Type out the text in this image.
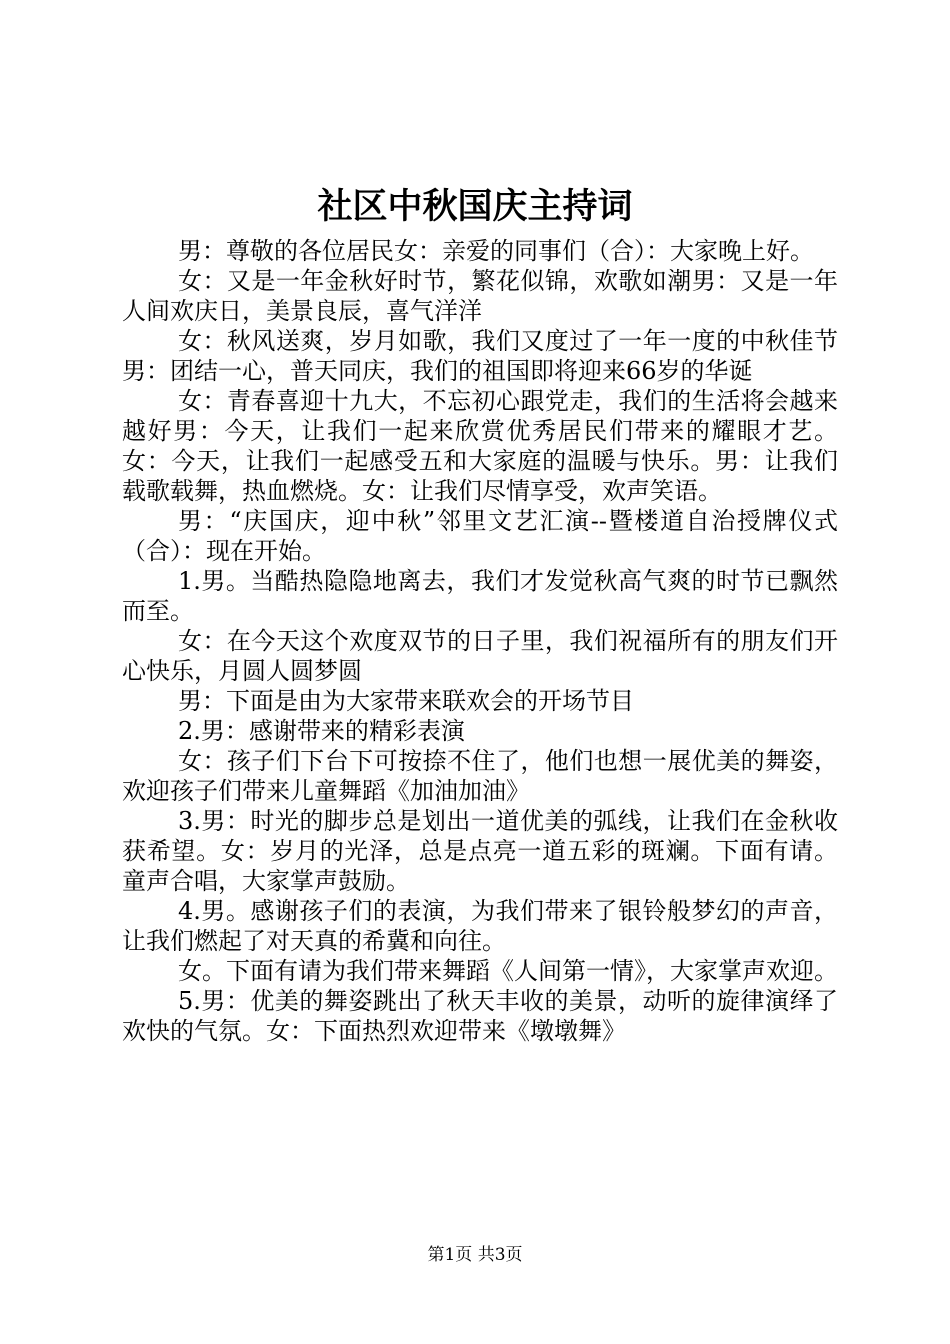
社区中秋国庆主持词

男：尊敬的各位居民女：亲爱的同事们（合）：大家晚上好。

女：又是一年金秋好时节，繁花似锦，欢歌如潮男：又是一年人间欢庆日，美景良辰，喜气洋洋

女：秋风送爽，岁月如歌，我们又度过了一年一度的中秋佳节男：团结一心，普天同庆，我们的祖国即将迎来66岁的华诞

女：青春喜迎十九大，不忘初心跟党走，我们的生活将会越来越好男：今天，让我们一起来欣赏优秀居民们带来的耀眼才艺。女：今天，让我们一起感受五和大家庭的温暖与快乐。男：让我们载歌载舞，热血燃烧。女：让我们尽情享受，欢声笑语。

男：“庆国庆，迎中秋”邻里文艺汇演--暨楼道自治授牌仪式（合）：现在开始。

1.男。当酷热隐隐地离去，我们才发觉秋高气爽的时节已飘然而至。

女：在今天这个欢度双节的日子里，我们祝福所有的朋友们开心快乐，月圆人圆梦圆

男：下面是由为大家带来联欢会的开场节目

2.男：感谢带来的精彩表演

女：孩子们下台下可按捺不住了，他们也想一展优美的舞姿，欢迎孩子们带来儿童舞蹈《加油加油》

3.男：时光的脚步总是划出一道优美的弧线，让我们在金秋收获希望。女：岁月的光泽，总是点亮一道五彩的斑斓。下面有请。童声合唱，大家掌声鼓励。

4.男。感谢孩子们的表演，为我们带来了银铃般梦幻的声音，让我们燃起了对天真的希冀和向往。

女。下面有请为我们带来舞蹈《人间第一情》，大家掌声欢迎。

5.男：优美的舞姿跳出了秋天丰收的美景，动听的旋律演绎了欢快的气氛。女：下面热烈欢迎带来《墩墩舞》

第1页 共3页
